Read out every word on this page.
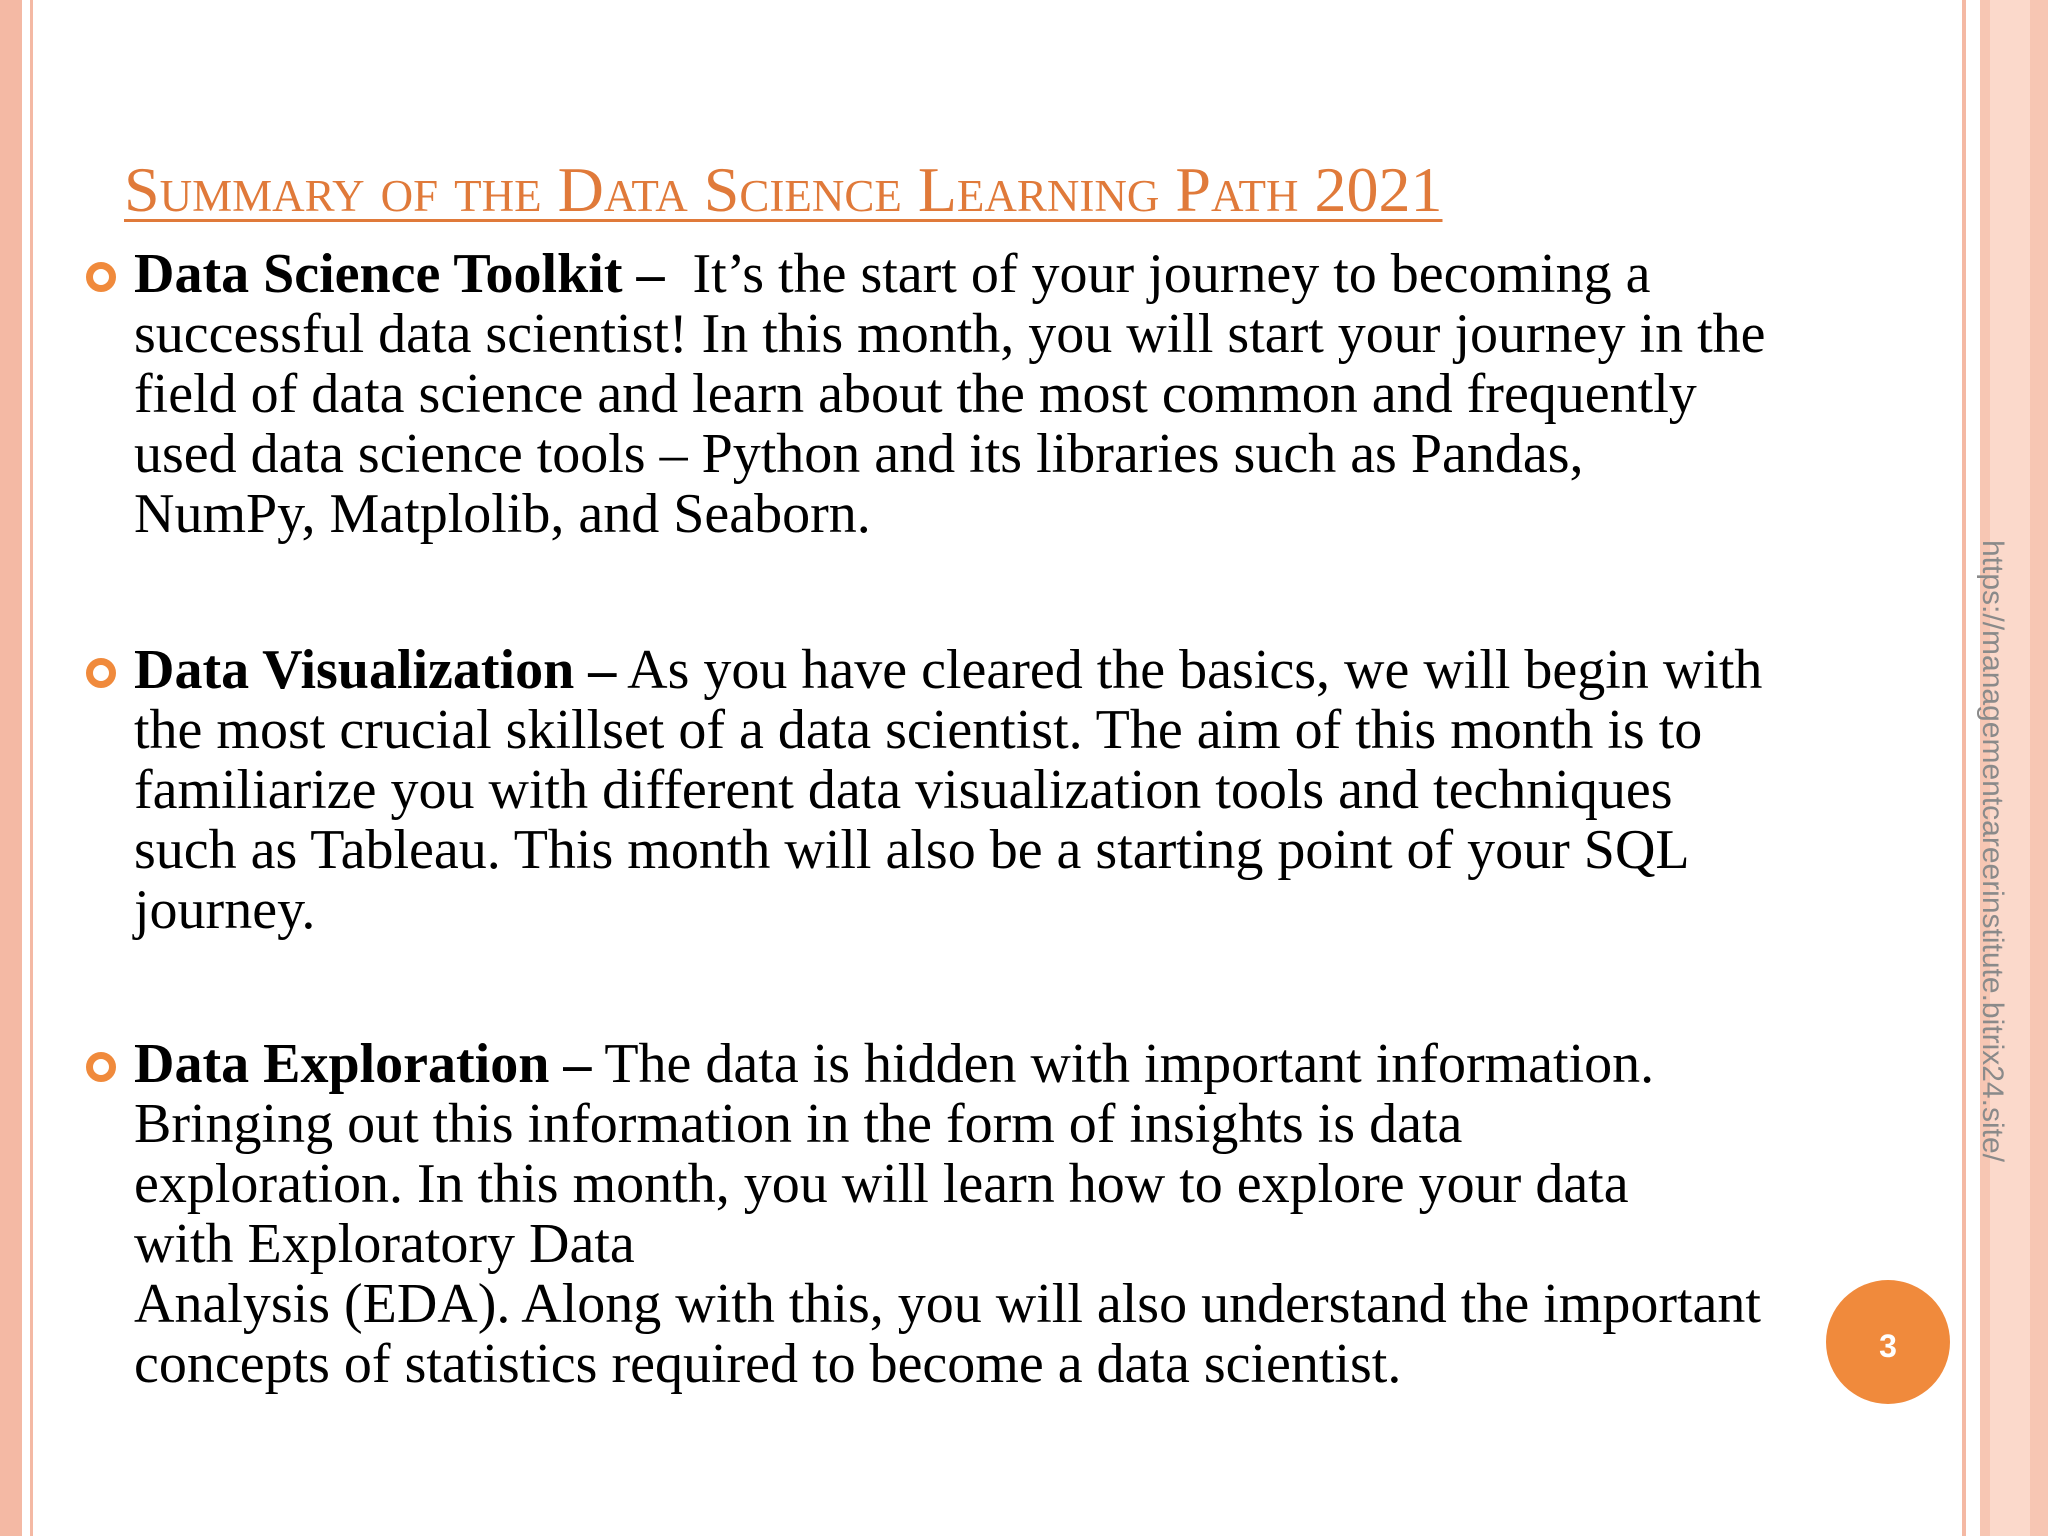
Summary of the Data Science Learning Path 2021
Data Science Toolkit –  It’s the start of your journey to becoming a
successful data scientist! In this month, you will start your journey in the
field of data science and learn about the most common and frequently
used data science tools – Python and its libraries such as Pandas,
NumPy, Matplolib, and Seaborn.
Data Visualization – As you have cleared the basics, we will begin with
the most crucial skillset of a data scientist. The aim of this month is to
familiarize you with different data visualization tools and techniques
such as Tableau. This month will also be a starting point of your SQL
journey.
Data Exploration – The data is hidden with important information.
Bringing out this information in the form of insights is data
exploration. In this month, you will learn how to explore your data
with Exploratory Data
Analysis (EDA). Along with this, you will also understand the important
concepts of statistics required to become a data scientist.
https://managementcareerinstitute.bitrix24.site/
3
